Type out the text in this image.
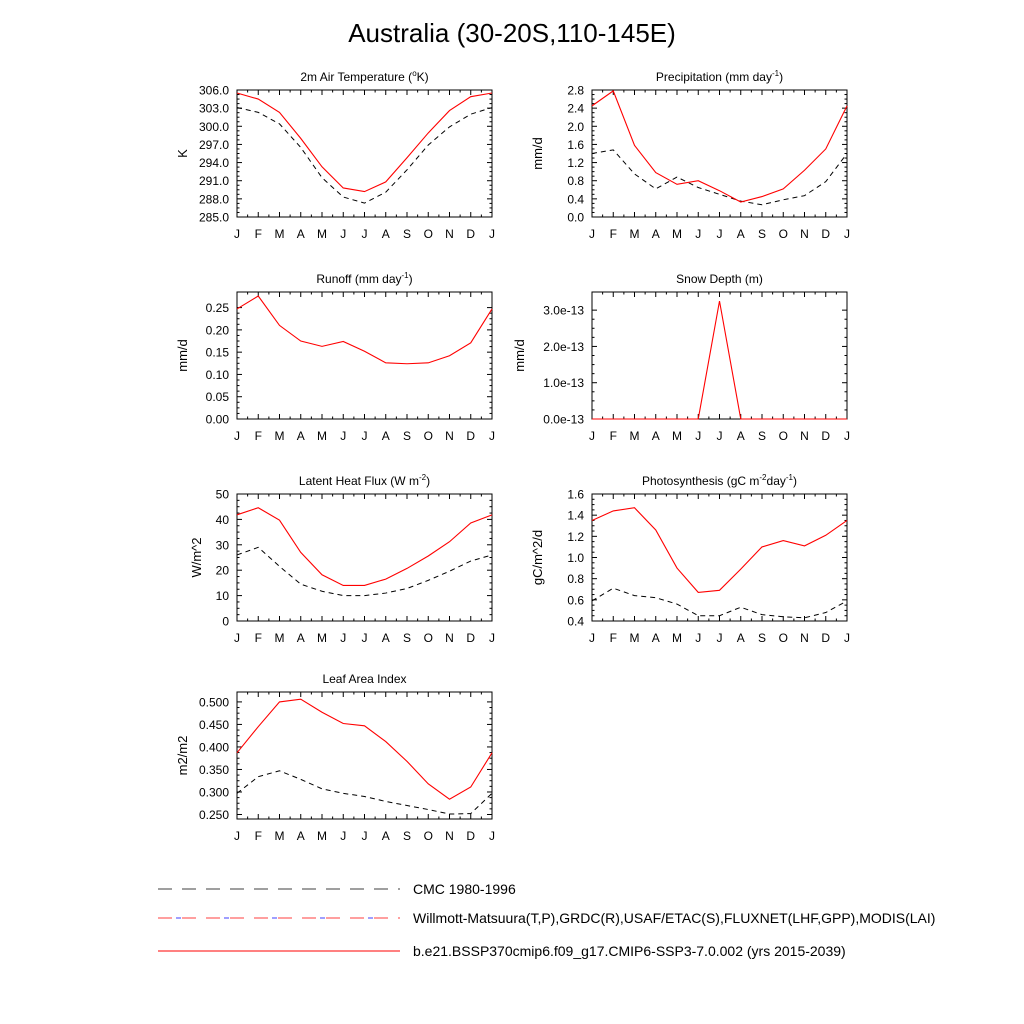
Australia (30-20S,110-145E)
J F M A M J J A S O N D J
285.0
288.0
291.0
294.0
297.0
300.0
303.0
306.0
2m Air Temperature ($^o$K)
K
J F M A M J J A S O N D J
0.0
0.4
0.8
1.2
1.6
2.0
2.4
2.8
Precipitation (mm day$^{-1}$)
mm/d
J F M A M J J A S O N D J
0.00
0.05
0.10
0.15
0.20
0.25
Runoff (mm day$^{-1}$)
mm/d
J F M A M J J A S O N D J
0.0e-13
1.0e-13
2.0e-13
3.0e-13
Snow Depth (m)
mm/d
J F M A M J J A S O N D J
0
10
20
30
40
50
Latent Heat Flux (W $m^{-2}$)
W/m^2
J F M A M J J A S O N D J
0.4
0.6
0.8
1.0
1.2
1.4
1.6
Photosynthesis (gC $m^{-2}day^{-1}$)
gC/m^2/d
J F M A M J J A S O N D J
0.250
0.300
0.350
0.400
0.450
0.500
Leaf Area Index
m2/m2
CMC 1980-1996
Willmott-Matsuura(T,P),GRDC(R),USAF/ETAC(S),FLUXNET(LHF,GPP),MODIS(LAI)
b.e21.BSSP370cmip6.f09_g17.CMIP6-SSP3-7.0.002 (yrs 2015-2039)
